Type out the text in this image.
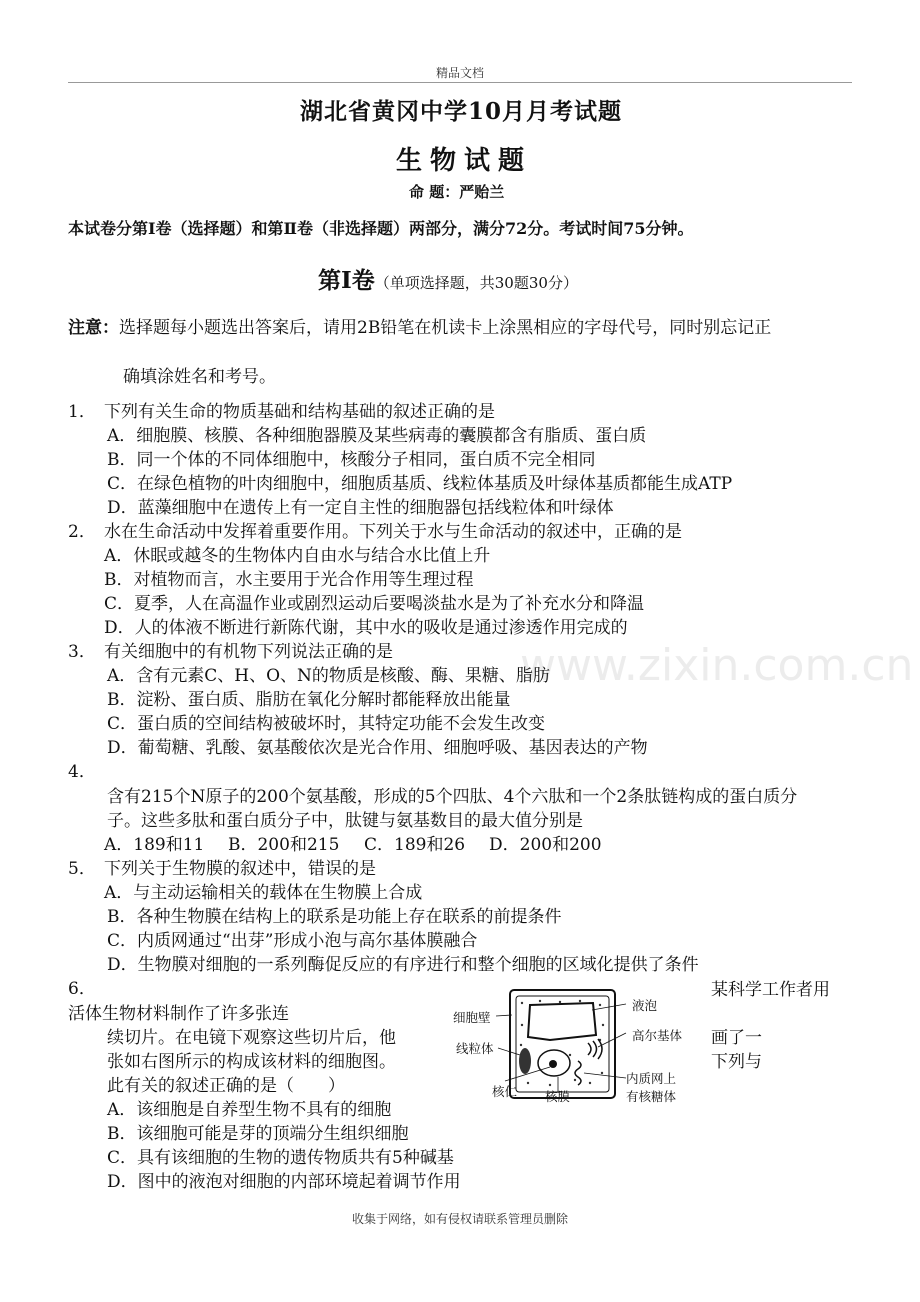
精品文档
www.zixin.com.cn
湖北省黄冈中学10月月考试题
生物试题
命 题：严贻兰
本试卷分第Ⅰ卷（选择题）和第Ⅱ卷（非选择题）两部分，满分72分。考试时间75分钟。
第Ⅰ卷（单项选择题，共30题30分）
注意：选择题每小题选出答案后，请用2B铅笔在机读卡上涂黑相应的字母代号，同时别忘记正
确填涂姓名和考号。
1． 下列有关生命的物质基础和结构基础的叙述正确的是
A．细胞膜、核膜、各种细胞器膜及某些病毒的囊膜都含有脂质、蛋白质
B．同一个体的不同体细胞中，核酸分子相同，蛋白质不完全相同
C．在绿色植物的叶肉细胞中，细胞质基质、线粒体基质及叶绿体基质都能生成ATP
D．蓝藻细胞中在遗传上有一定自主性的细胞器包括线粒体和叶绿体
2． 水在生命活动中发挥着重要作用。下列关于水与生命活动的叙述中，正确的是
A．休眠或越冬的生物体内自由水与结合水比值上升
B．对植物而言，水主要用于光合作用等生理过程
C．夏季，人在高温作业或剧烈运动后要喝淡盐水是为了补充水分和降温
D．人的体液不断进行新陈代谢，其中水的吸收是通过渗透作用完成的
3． 有关细胞中的有机物下列说法正确的是
A．含有元素C、H、O、N的物质是核酸、酶、果糖、脂肪
B．淀粉、蛋白质、脂肪在氧化分解时都能释放出能量
C．蛋白质的空间结构被破坏时，其特定功能不会发生改变
D．葡萄糖、乳酸、氨基酸依次是光合作用、细胞呼吸、基因表达的产物
4．
含有215个N原子的200个氨基酸，形成的5个四肽、4个六肽和一个2条肽链构成的蛋白质分
子。这些多肽和蛋白质分子中，肽键与氨基数目的最大值分别是
A．189和11 B．200和215 C．189和26 D．200和200
5． 下列关于生物膜的叙述中，错误的是
A．与主动运输相关的载体在生物膜上合成
B．各种生物膜在结构上的联系是功能上存在联系的前提条件
C．内质网通过“出芽”形成小泡与高尔基体膜融合
D．生物膜对细胞的一系列酶促反应的有序进行和整个细胞的区域化提供了条件
6．	某科学工作者用
活体生物材料制作了许多张连
续切片。在电镜下观察这些切片后，他	画了一
张如右图所示的构成该材料的细胞图。	下列与
此有关的叙述正确的是（　　）
A．该细胞是自养型生物不具有的细胞
B．该细胞可能是芽的顶端分生组织细胞
C．具有该细胞的生物的遗传物质共有5种碱基
D．图中的液泡对细胞的内部环境起着调节作用
细胞壁
液泡
高尔基体
线粒体
内质网上
有核糖体
核仁 核膜
收集于网络，如有侵权请联系管理员删除
